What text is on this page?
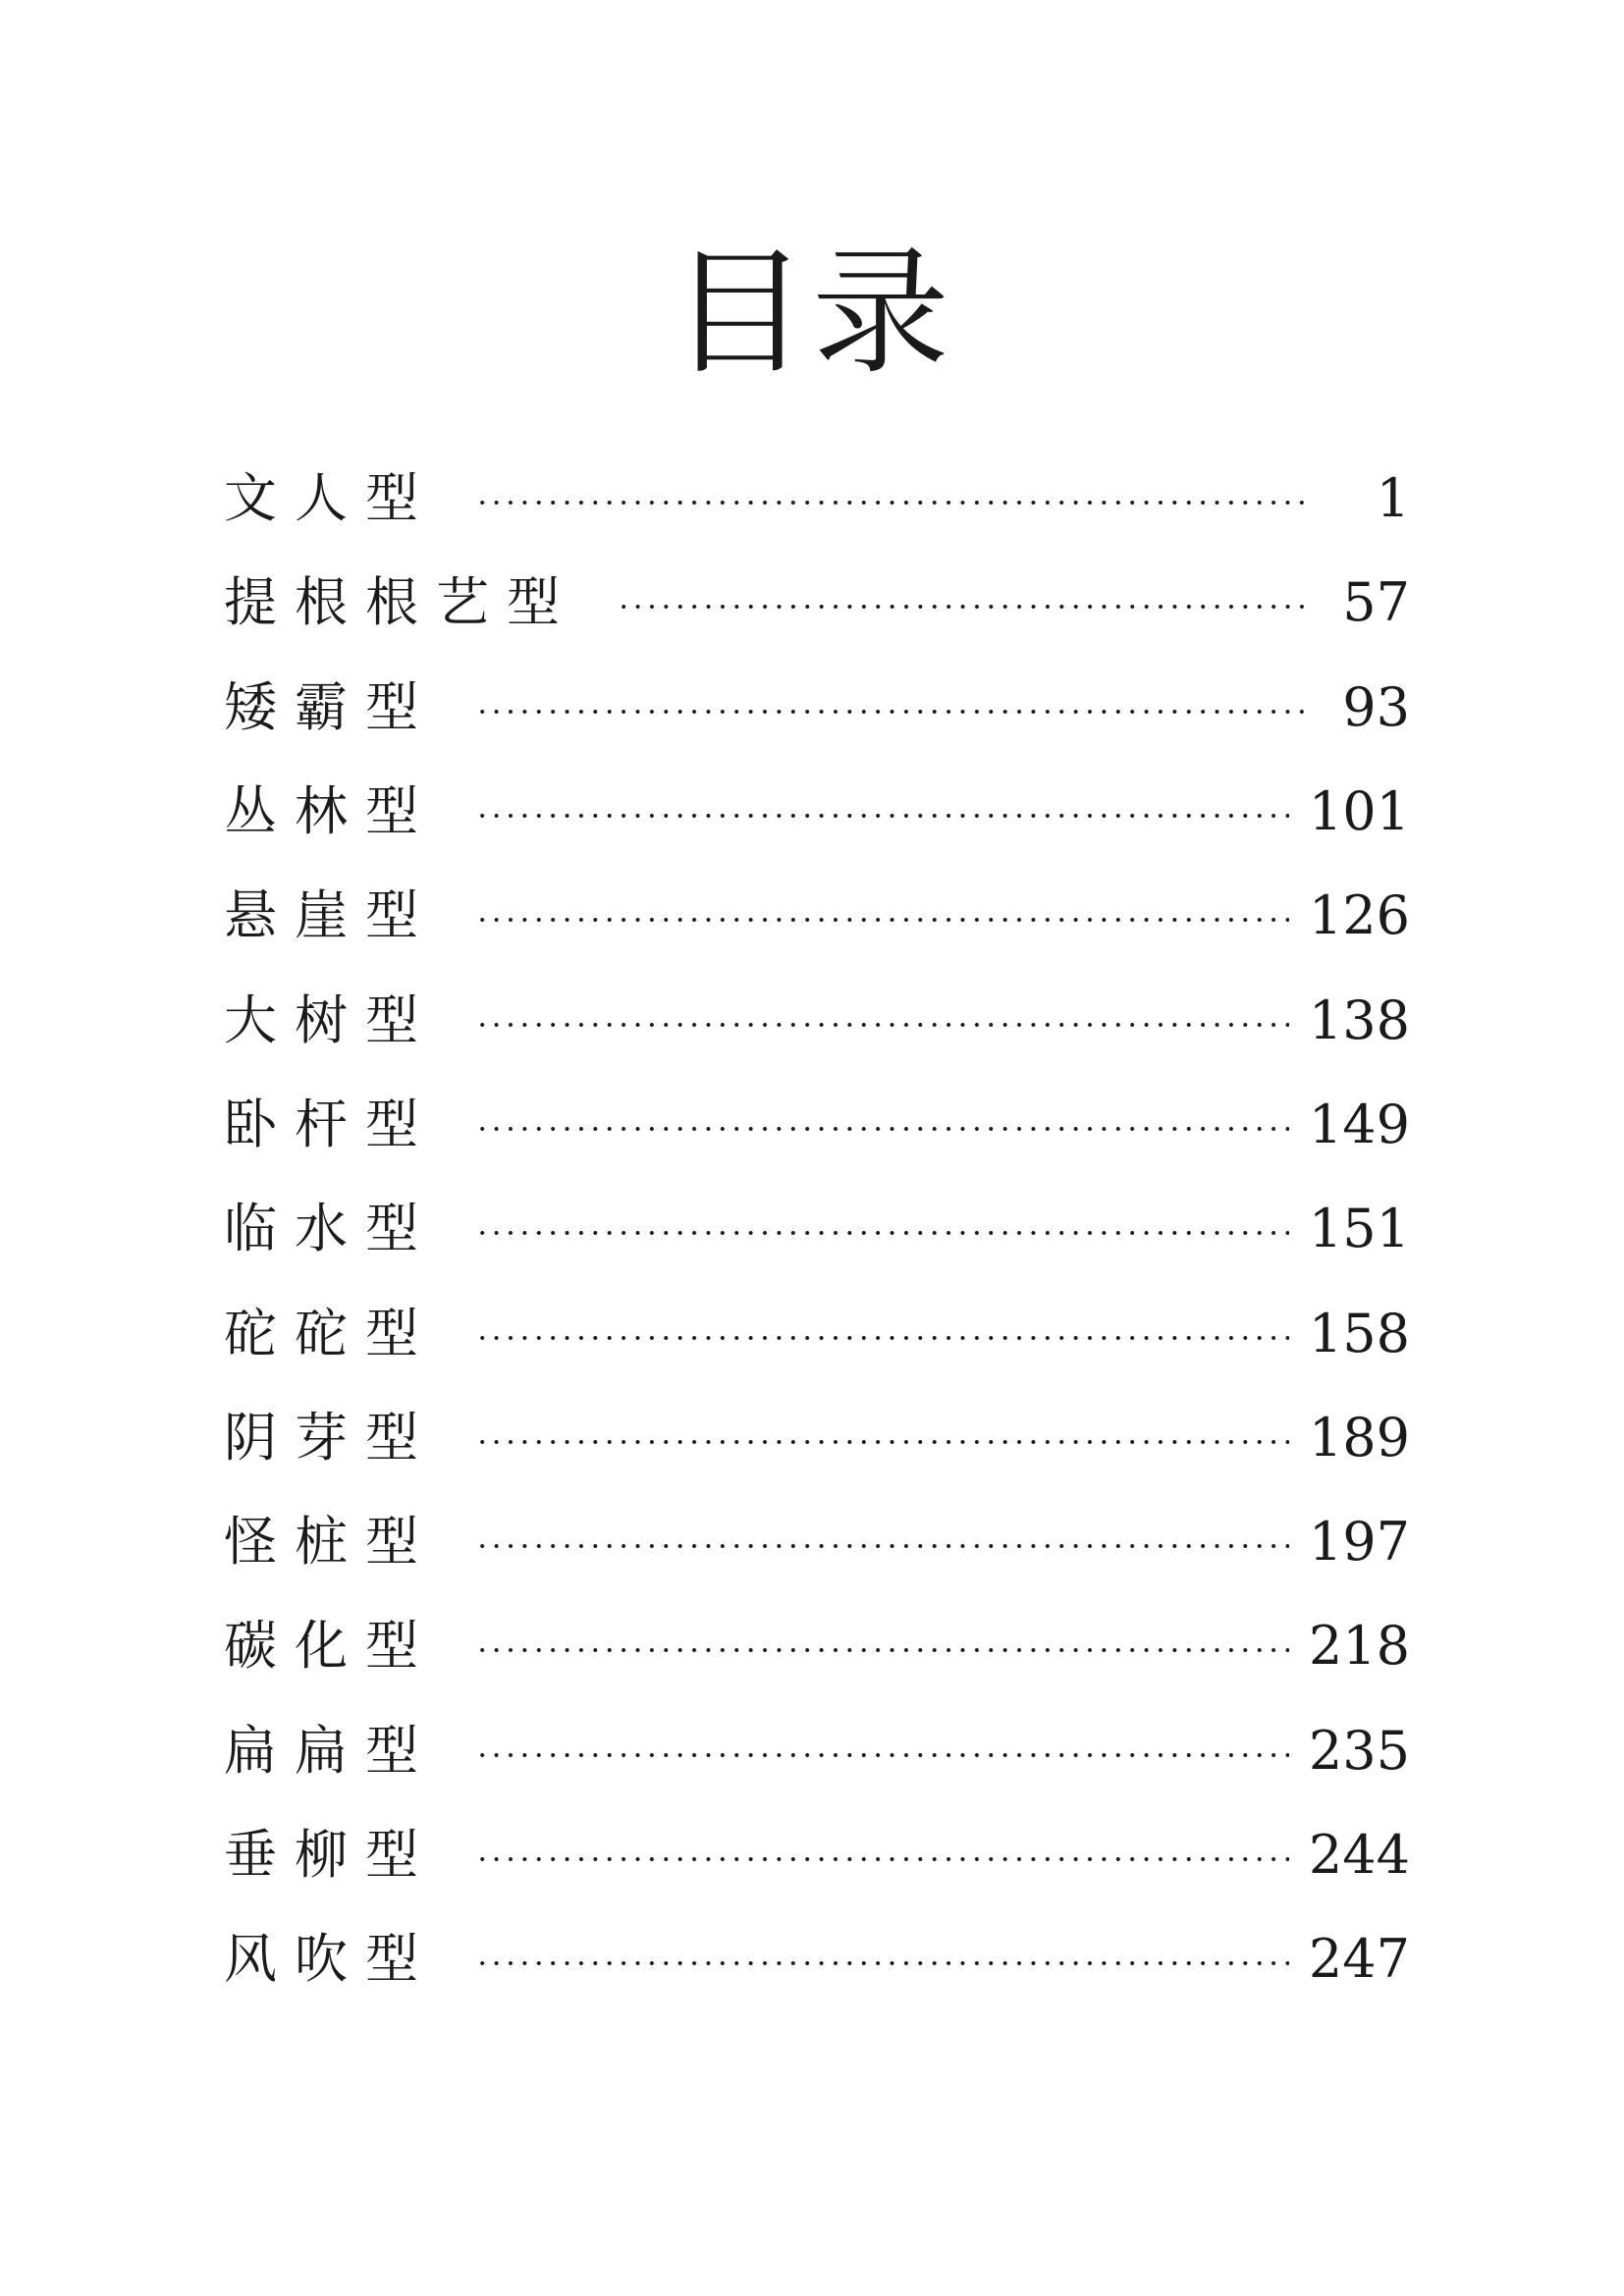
目录
文人型	1
提根根艺型	57
矮霸型	93
丛林型	101
悬崖型	126
大树型	138
卧杆型	149
临水型	151
砣砣型	158
阴芽型	189
怪桩型	197
碳化型	218
扁扁型	235
垂柳型	244
风吹型	247
